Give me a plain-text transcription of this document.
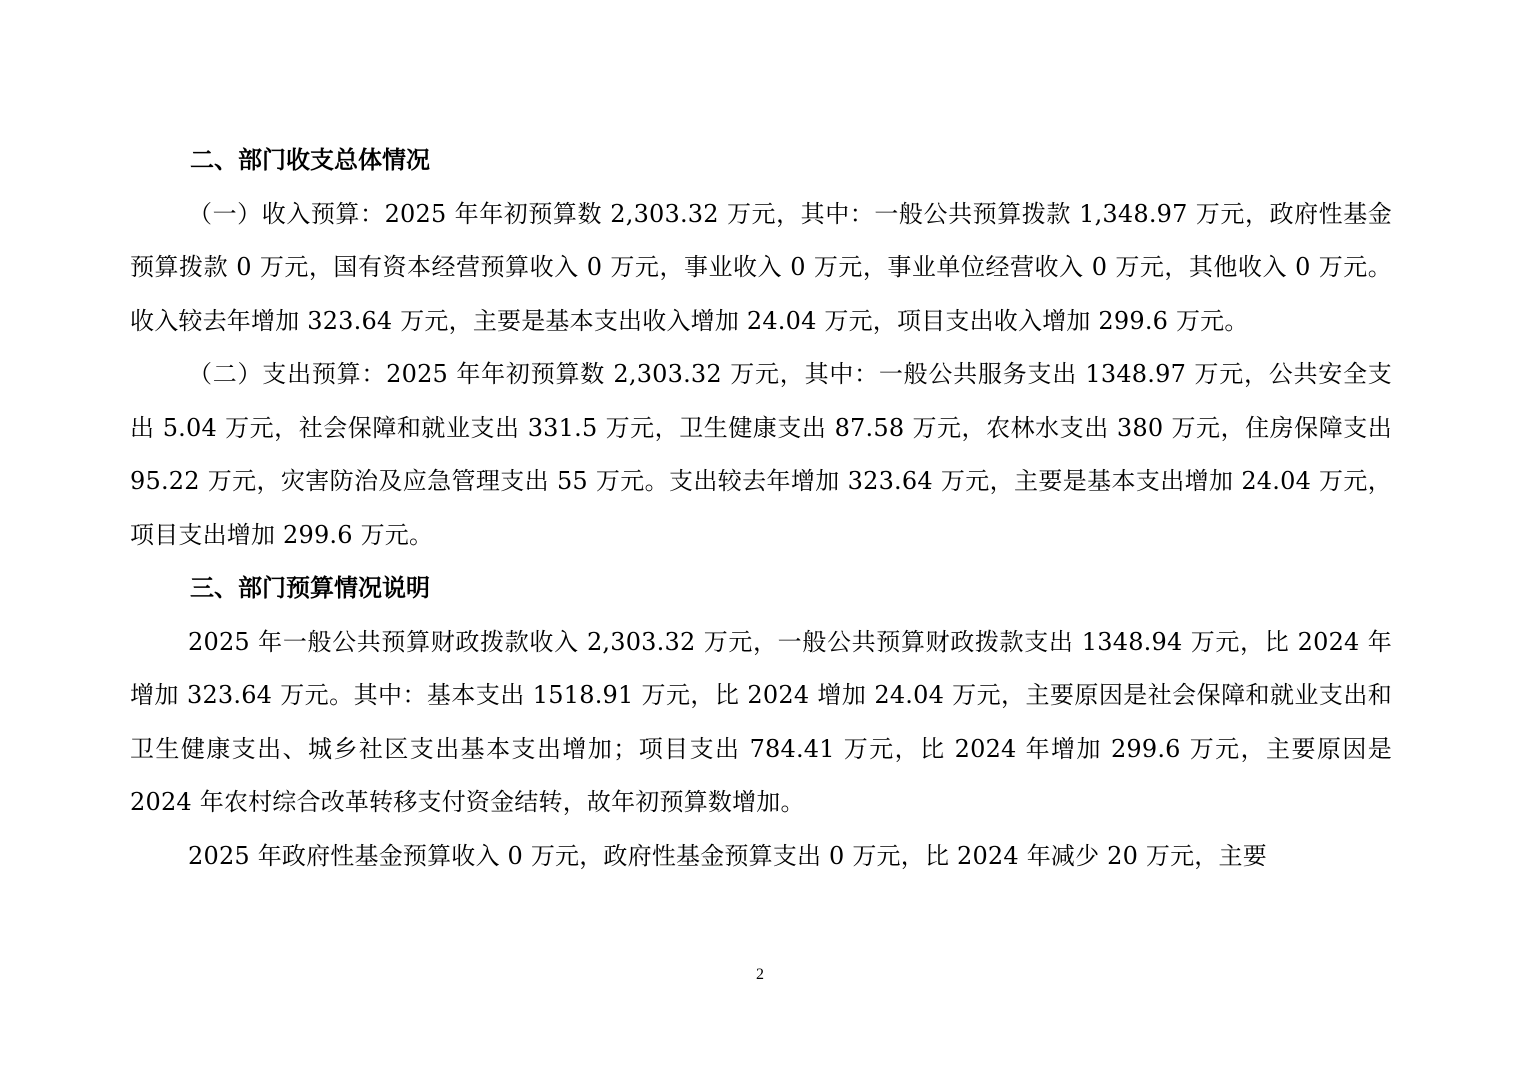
二、部门收支总体情况

（一）收入预算：2025 年年初预算数 2,303.32 万元，其中：一般公共预算拨款 1,348.97 万元，政府性基金预算拨款 0 万元，国有资本经营预算收入 0 万元，事业收入 0 万元，事业单位经营收入 0 万元，其他收入 0 万元。收入较去年增加 323.64 万元，主要是基本支出收入增加 24.04 万元，项目支出收入增加 299.6 万元。

（二）支出预算：2025 年年初预算数 2,303.32 万元，其中：一般公共服务支出 1348.97 万元，公共安全支出 5.04 万元，社会保障和就业支出 331.5 万元，卫生健康支出 87.58 万元，农林水支出 380 万元，住房保障支出 95.22 万元，灾害防治及应急管理支出 55 万元。支出较去年增加 323.64 万元，主要是基本支出增加 24.04 万元，项目支出增加 299.6 万元。

三、部门预算情况说明

2025 年一般公共预算财政拨款收入 2,303.32 万元，一般公共预算财政拨款支出 1348.94 万元，比 2024 年增加 323.64 万元。其中：基本支出 1518.91 万元，比 2024 增加 24.04 万元，主要原因是社会保障和就业支出和卫生健康支出、城乡社区支出基本支出增加；项目支出 784.41 万元，比 2024 年增加 299.6 万元，主要原因是 2024 年农村综合改革转移支付资金结转，故年初预算数增加。

2025 年政府性基金预算收入 0 万元，政府性基金预算支出 0 万元，比 2024 年减少 20 万元，主要

2
